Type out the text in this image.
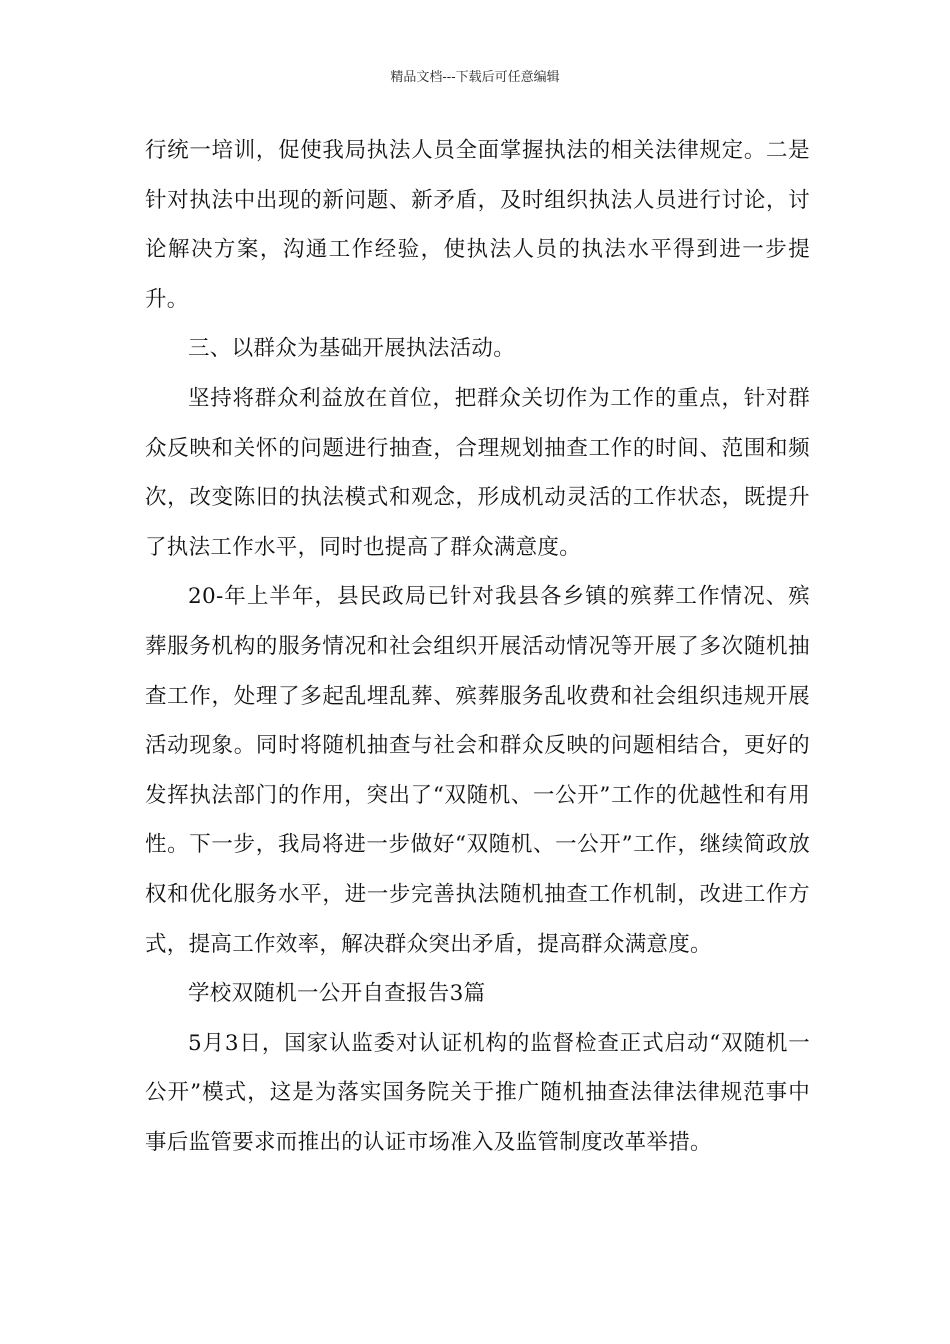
精品文档---下载后可任意编辑

行统一培训，促使我局执法人员全面掌握执法的相关法律规定。二是针对执法中出现的新问题、新矛盾，及时组织执法人员进行讨论，讨论解决方案，沟通工作经验，使执法人员的执法水平得到进一步提升。

三、以群众为基础开展执法活动。

坚持将群众利益放在首位，把群众关切作为工作的重点，针对群众反映和关怀的问题进行抽查，合理规划抽查工作的时间、范围和频次，改变陈旧的执法模式和观念，形成机动灵活的工作状态，既提升了执法工作水平，同时也提高了群众满意度。

20-年上半年，县民政局已针对我县各乡镇的殡葬工作情况、殡葬服务机构的服务情况和社会组织开展活动情况等开展了多次随机抽查工作，处理了多起乱埋乱葬、殡葬服务乱收费和社会组织违规开展活动现象。同时将随机抽查与社会和群众反映的问题相结合，更好的发挥执法部门的作用，突出了“双随机、一公开”工作的优越性和有用性。下一步，我局将进一步做好“双随机、一公开”工作，继续简政放权和优化服务水平，进一步完善执法随机抽查工作机制，改进工作方式，提高工作效率，解决群众突出矛盾，提高群众满意度。

学校双随机一公开自查报告3篇

5月3日，国家认监委对认证机构的监督检查正式启动“双随机一公开”模式，这是为落实国务院关于推广随机抽查法律法律规范事中事后监管要求而推出的认证市场准入及监管制度改革举措。
